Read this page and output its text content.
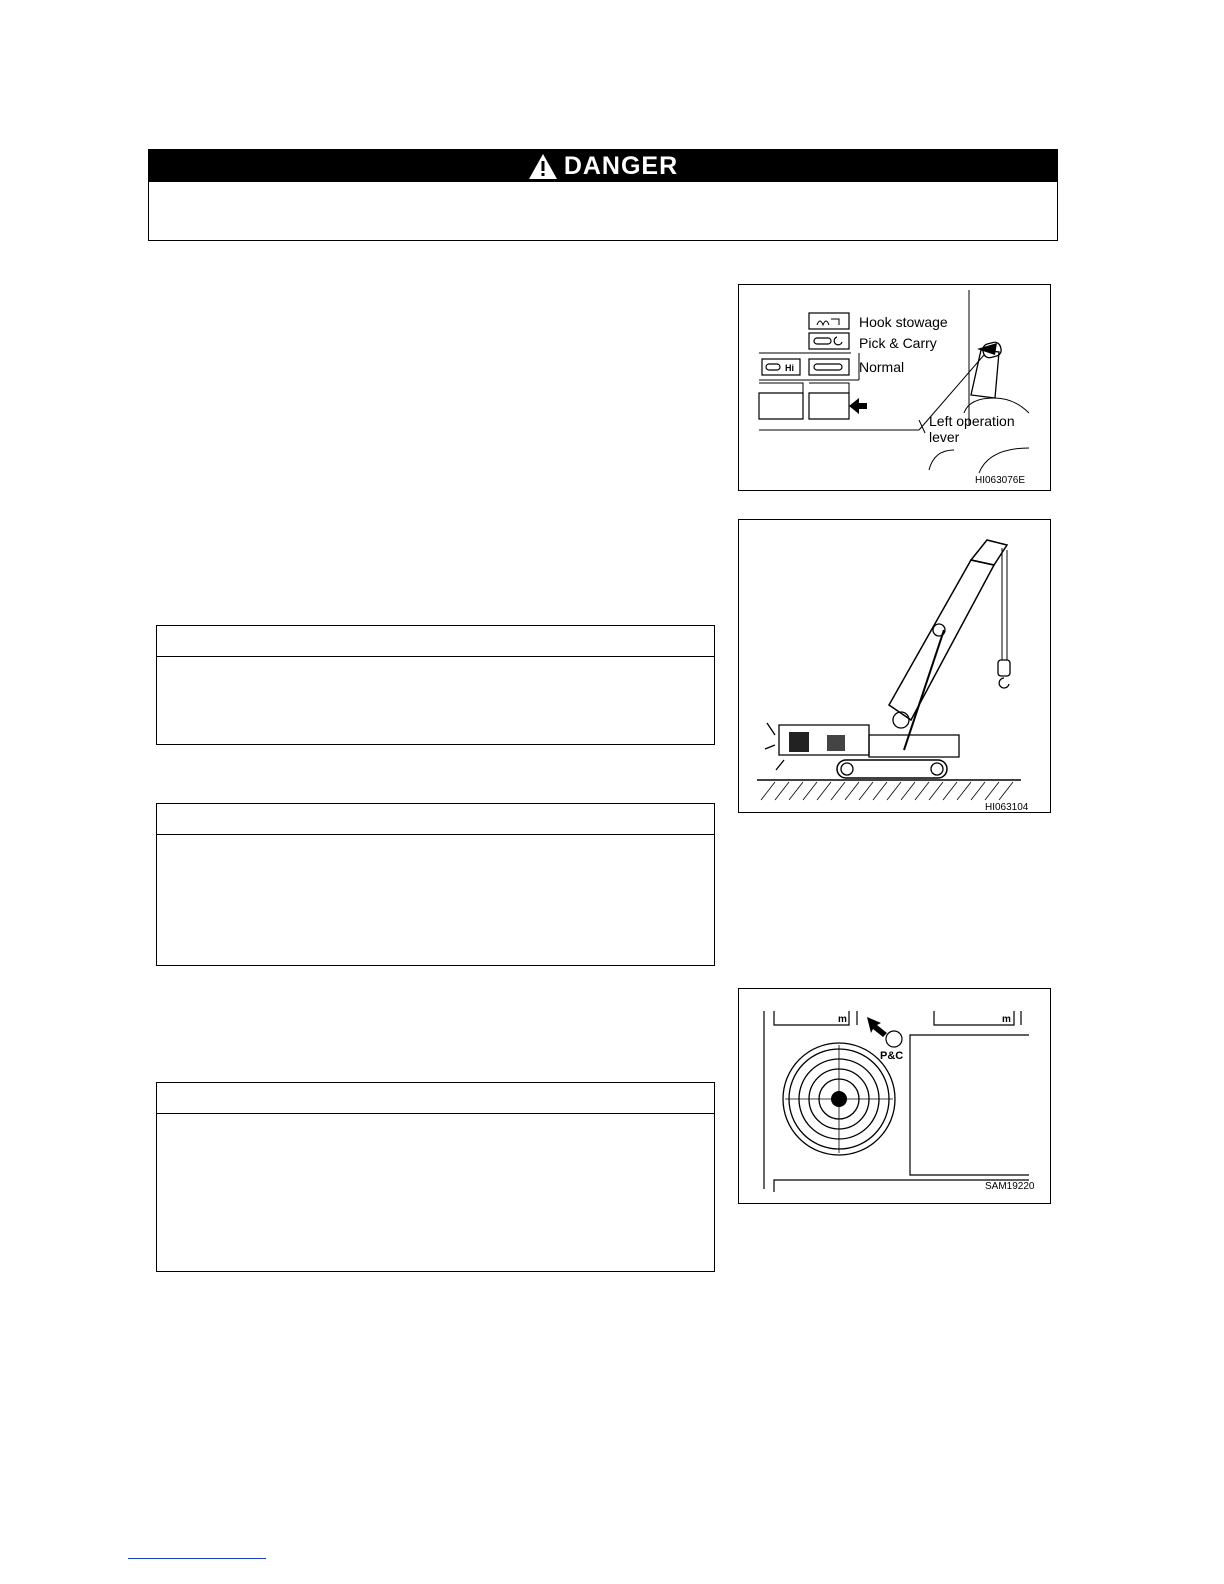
DANGER
Hook stowage
Pick & Carry
Normal
Hi
Left operation
lever
HI063076E
HI063104
m	m
P&C
SAM19220
